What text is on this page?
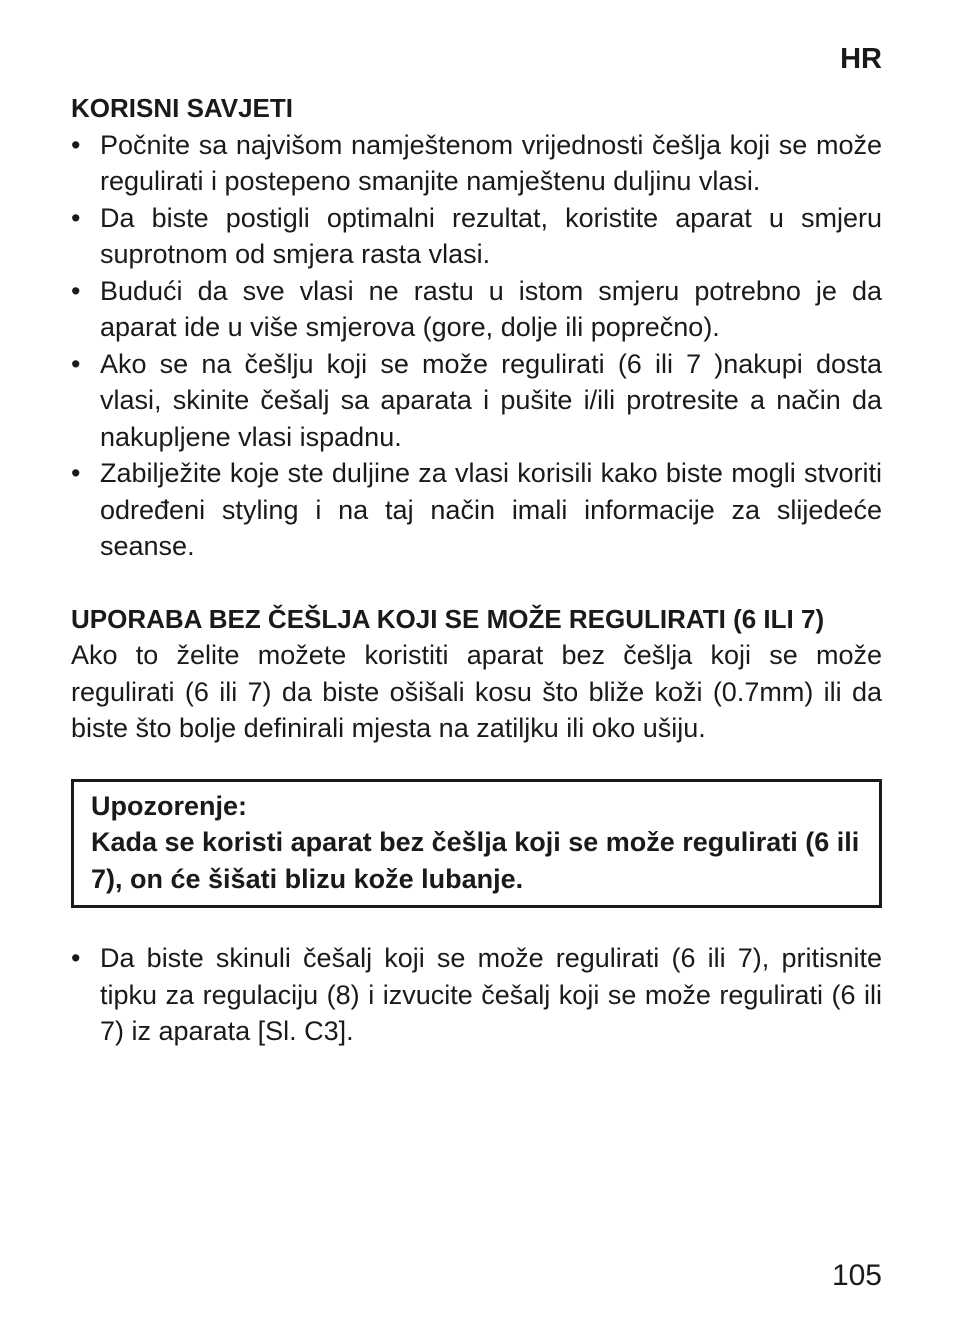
HR

KORISNI SAVJETI

• Počnite sa najvišom namještenom vrijednosti češlja koji se može regulirati i postepeno smanjite namještenu duljinu vlasi.
• Da biste postigli optimalni rezultat, koristite aparat u smjeru suprotnom od smjera rasta vlasi.
• Budući da sve vlasi ne rastu u istom smjeru potrebno je da aparat ide u više smjerova (gore, dolje ili poprečno).
• Ako se na češlju koji se može regulirati (6 ili 7 )nakupi dosta vlasi, skinite češalj sa aparata i pušite i/ili protresite a način da nakupljene vlasi ispadnu.
• Zabilježite koje ste duljine za vlasi korisili kako biste mogli stvoriti određeni styling i na taj način imali informacije za slijedeće seanse.

UPORABA BEZ ČEŠLJA KOJI SE MOŽE REGULIRATI (6 ILI 7)

Ako to želite možete koristiti aparat bez češlja koji se može regulirati (6 ili 7) da biste ošišali kosu što bliže koži (0.7mm) ili da biste što bolje definirali mjesta na zatiljku ili oko ušiju.

Upozorenje:

Kada se koristi aparat bez češlja koji se može regulirati (6 ili 7), on će šišati blizu kože lubanje.

• Da biste skinuli češalj koji se može regulirati (6 ili 7), pritisnite tipku za regulaciju (8) i izvucite češalj koji se može regulirati (6 ili 7) iz aparata [Sl. C3].
105
